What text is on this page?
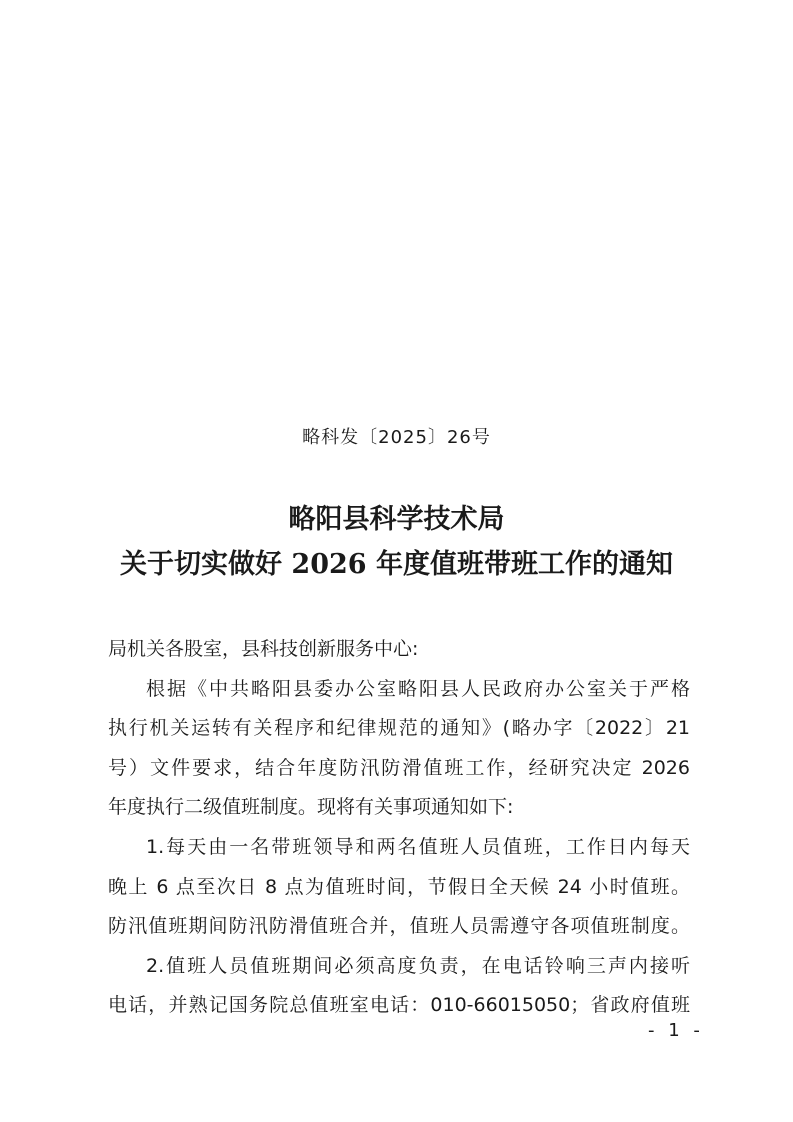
略科发〔2025〕26号
略阳县科学技术局
关于切实做好 2026 年度值班带班工作的通知
局机关各股室，县科技创新服务中心:
根据《中共略阳县委办公室略阳县人民政府办公室关于严格
执行机关运转有关程序和纪律规范的通知》(略办字〔2022〕21
号）文件要求，结合年度防汛防滑值班工作，经研究决定 2026
年度执行二级值班制度。现将有关事项通知如下:
1.每天由一名带班领导和两名值班人员值班，工作日内每天
晚上 6 点至次日 8 点为值班时间，节假日全天候 24 小时值班。
防汛值班期间防汛防滑值班合并，值班人员需遵守各项值班制度。
2.值班人员值班期间必须高度负责，在电话铃响三声内接听
电话，并熟记国务院总值班室电话：010-66015050；省政府值班
- 1 -
